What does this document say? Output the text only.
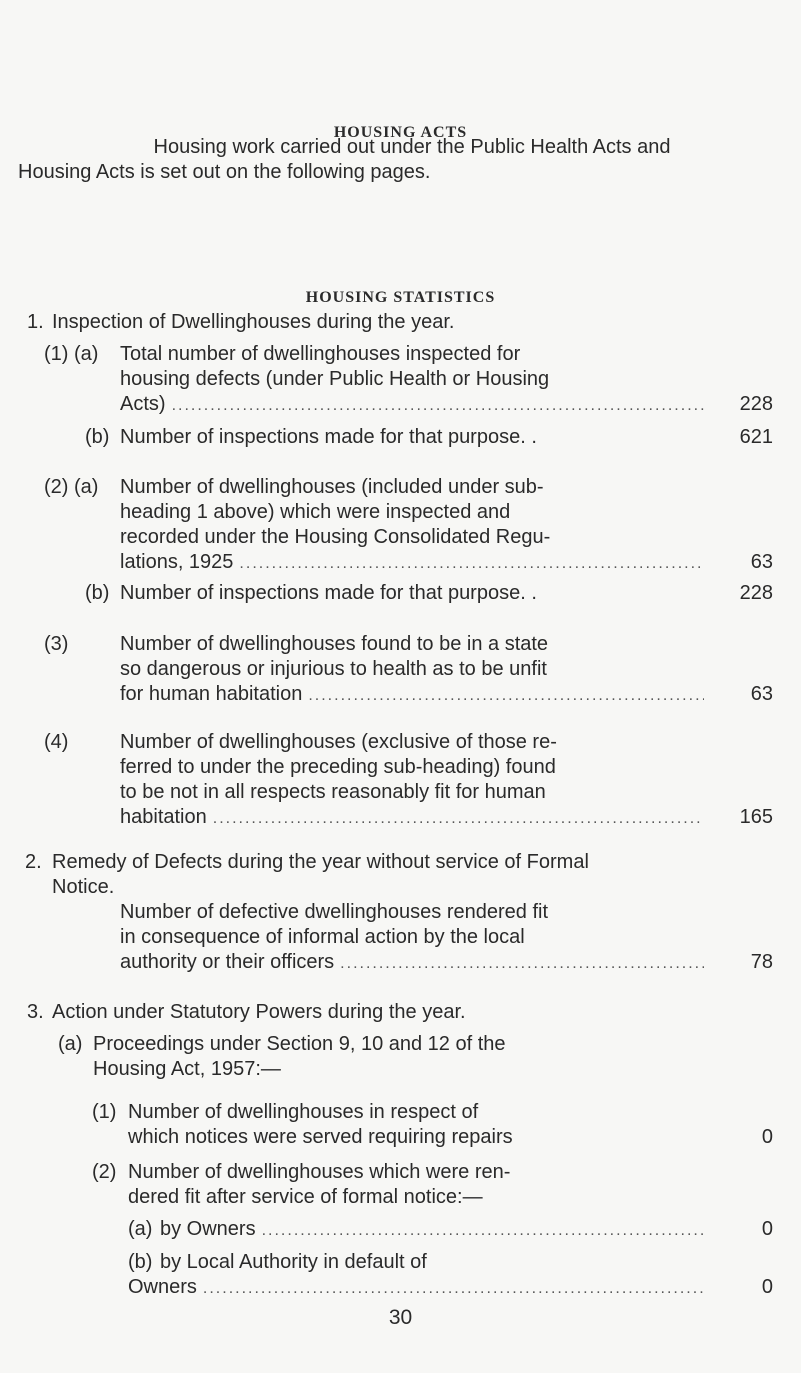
HOUSING ACTS
Housing work carried out under the Public Health Acts and
Housing Acts is set out on the following pages.
HOUSING STATISTICS
1. Inspection of Dwellinghouses during the year.
(1) (a) Total number of dwellinghouses inspected for
housing defects (under Public Health or Housing
Acts) .....	228
(b) Number of inspections made for that purpose. .	621
(2) (a) Number of dwellinghouses (included under sub-
heading 1 above) which were inspected and
recorded under the Housing Consolidated Regu-
lations, 1925 .....	63
(b) Number of inspections made for that purpose. .	228
(3)	Number of dwellinghouses found to be in a state
so dangerous or injurious to health as to be unfit
for human habitation .....	63
(4)	Number of dwellinghouses (exclusive of those re-
ferred to under the preceding sub-heading) found
to be not in all respects reasonably fit for human
habitation .....	165
2. Remedy of Defects during the year without service of Formal
Notice.
Number of defective dwellinghouses rendered fit
in consequence of informal action by the local
authority or their officers .....	78
3. Action under Statutory Powers during the year.
(a) Proceedings under Section 9, 10 and 12 of the
Housing Act, 1957:—
(1) Number of dwellinghouses in respect of
which notices were served requiring repairs	0
(2) Number of dwellinghouses which were ren-
dered fit after service of formal notice:—
(a) by Owners .....	0
(b) by Local Authority in default of
Owners .....	0
30
